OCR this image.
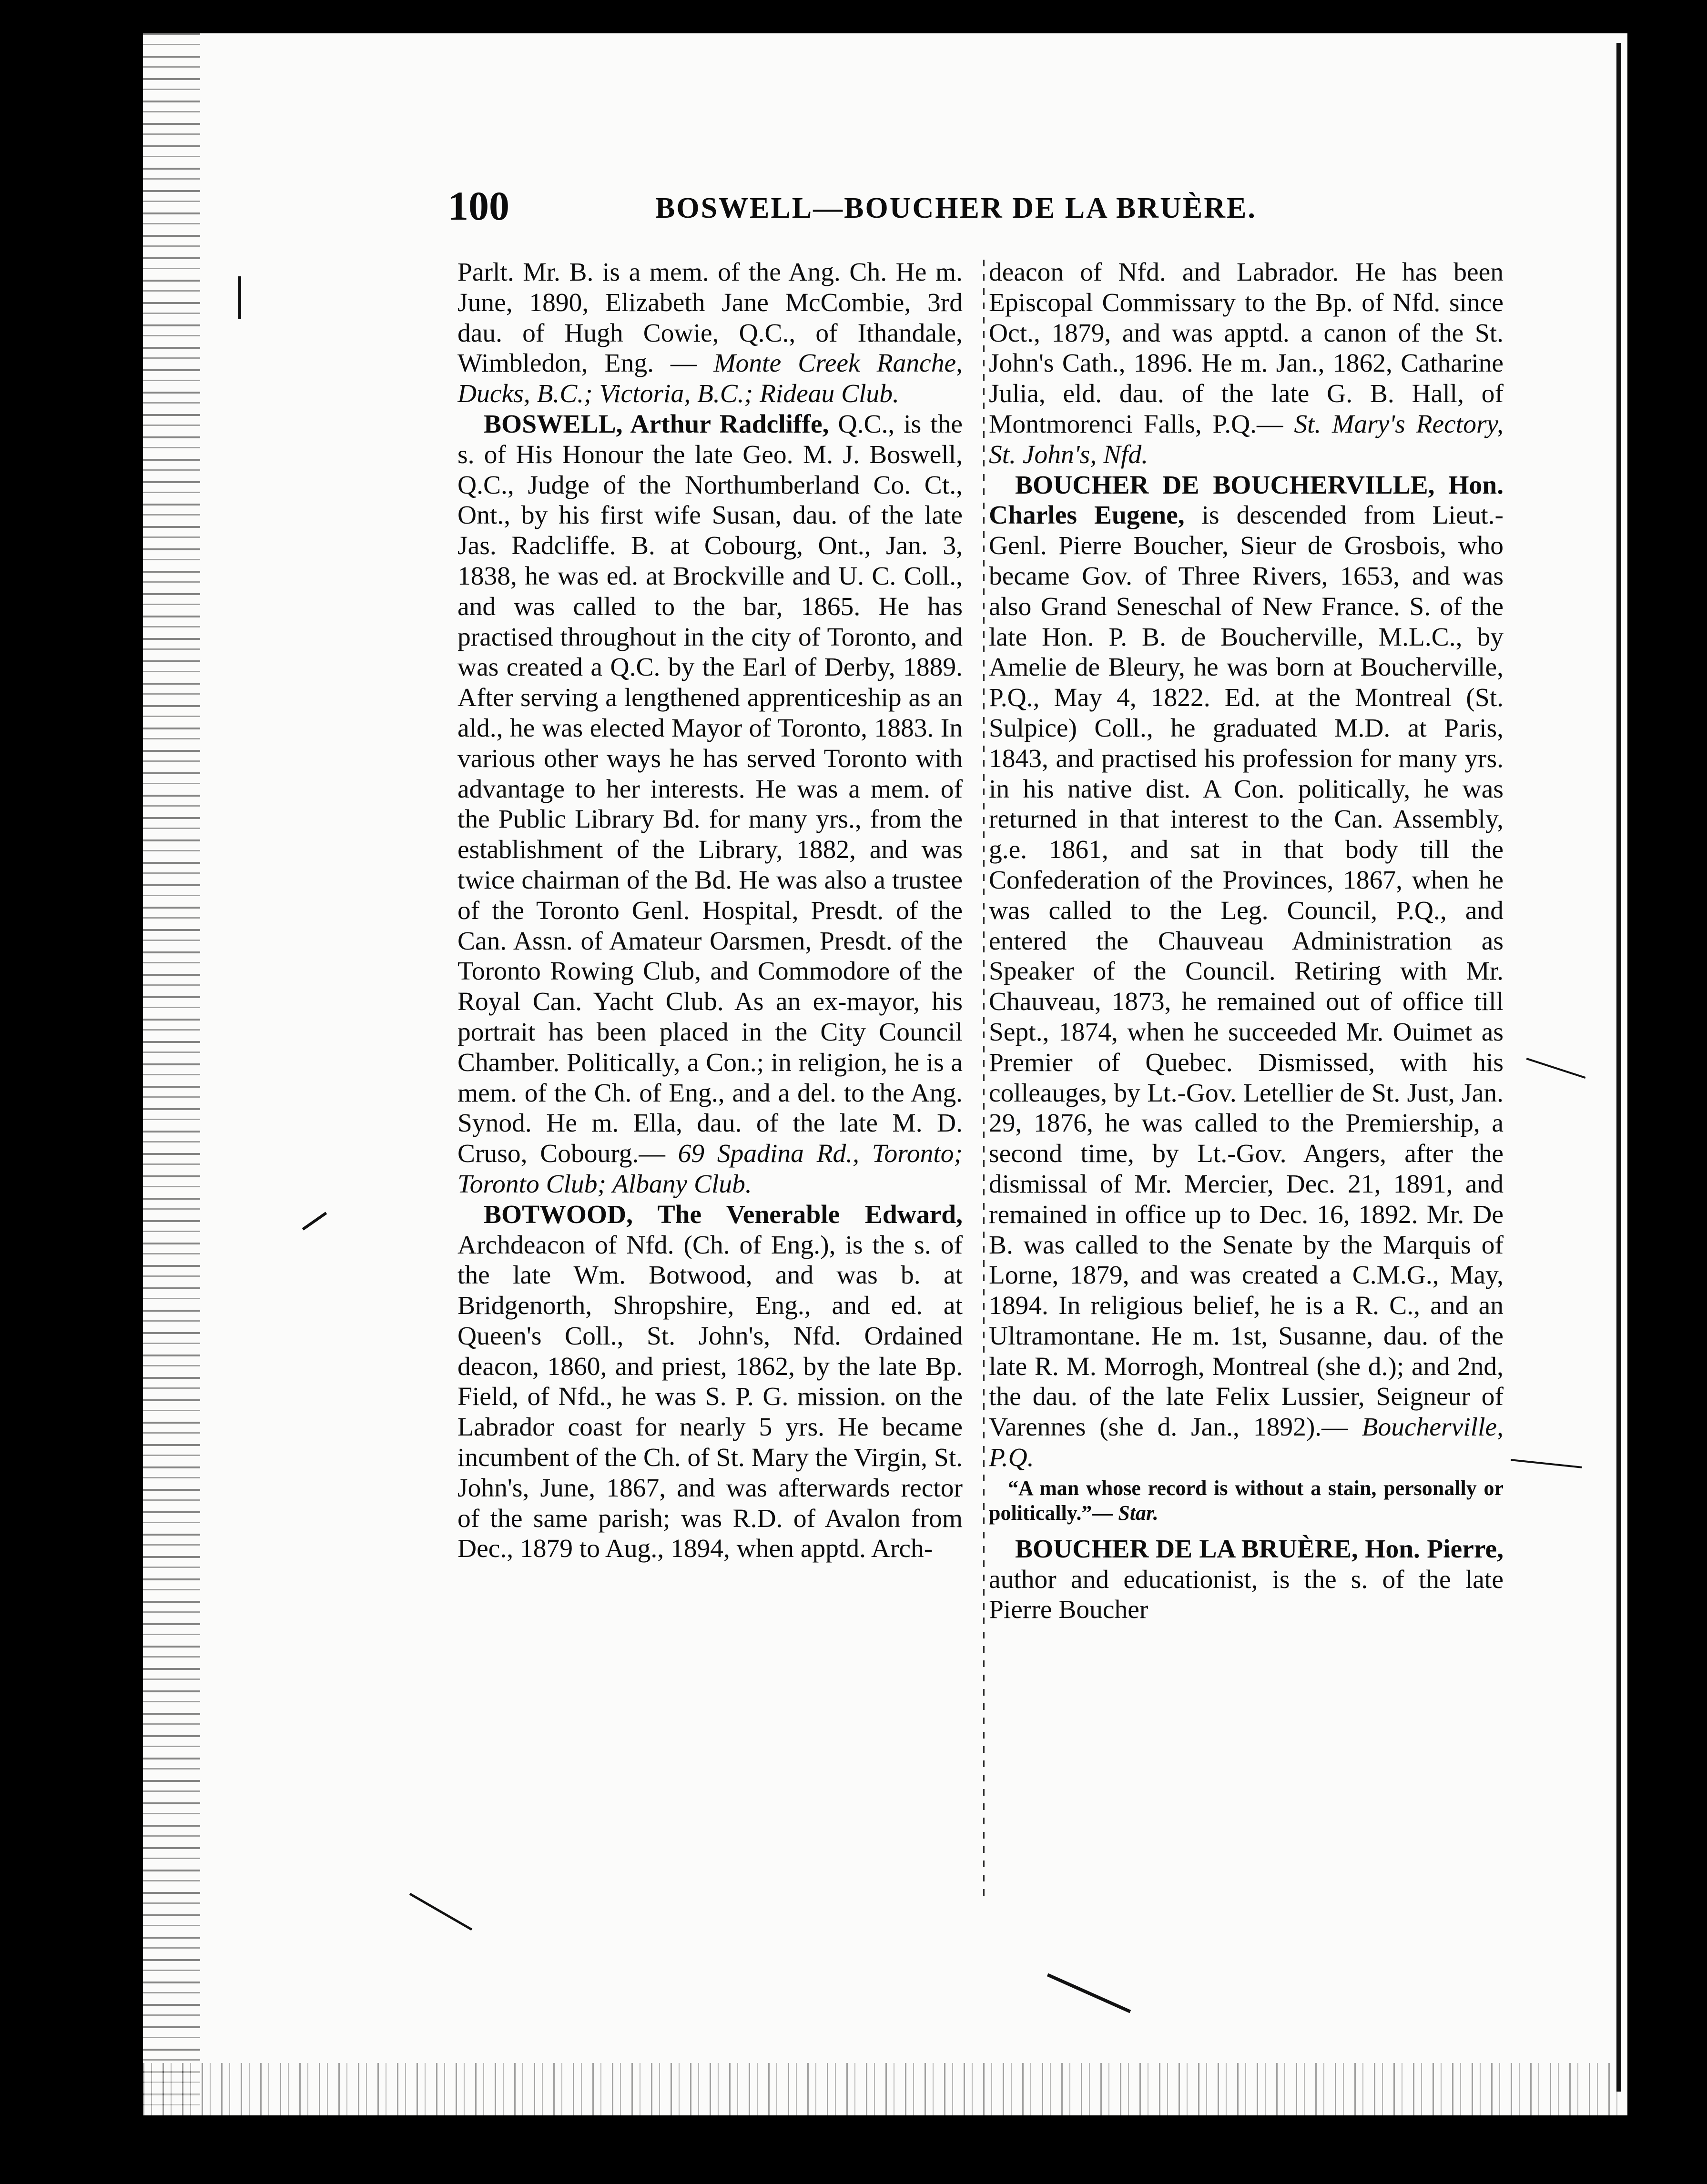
100	BOSWELL—BOUCHER DE LA BRUÈRE.

Parlt. Mr. B. is a mem. of the Ang. Ch. He m. June, 1890, Elizabeth Jane McCombie, 3rd dau. of Hugh Cowie, Q.C., of Ithandale, Wimbledon, Eng. — Monte Creek Ranche, Ducks, B.C.; Victoria, B.C.; Rideau Club.

BOSWELL, Arthur Radcliffe, Q.C., is the s. of His Honour the late Geo. M. J. Boswell, Q.C., Judge of the Northumberland Co. Ct., Ont., by his first wife Susan, dau. of the late Jas. Radcliffe. B. at Cobourg, Ont., Jan. 3, 1838, he was ed. at Brockville and U. C. Coll., and was called to the bar, 1865. He has practised throughout in the city of Toronto, and was created a Q.C. by the Earl of Derby, 1889. After serving a lengthened apprenticeship as an ald., he was elected Mayor of Toronto, 1883. In various other ways he has served Toronto with advantage to her interests. He was a mem. of the Public Library Bd. for many yrs., from the establishment of the Library, 1882, and was twice chairman of the Bd. He was also a trustee of the Toronto Genl. Hospital, Presdt. of the Can. Assn. of Amateur Oarsmen, Presdt. of the Toronto Rowing Club, and Commodore of the Royal Can. Yacht Club. As an ex-mayor, his portrait has been placed in the City Council Chamber. Politically, a Con.; in religion, he is a mem. of the Ch. of Eng., and a del. to the Ang. Synod. He m. Ella, dau. of the late M. D. Cruso, Cobourg.— 69 Spadina Rd., Toronto; Toronto Club; Albany Club.

BOTWOOD, The Venerable Edward, Archdeacon of Nfd. (Ch. of Eng.), is the s. of the late Wm. Botwood, and was b. at Bridgenorth, Shropshire, Eng., and ed. at Queen's Coll., St. John's, Nfd. Ordained deacon, 1860, and priest, 1862, by the late Bp. Field, of Nfd., he was S. P. G. mission. on the Labrador coast for nearly 5 yrs. He became incumbent of the Ch. of St. Mary the Virgin, St. John's, June, 1867, and was afterwards rector of the same parish; was R.D. of Avalon from Dec., 1879 to Aug., 1894, when apptd. Arch-

deacon of Nfd. and Labrador. He has been Episcopal Commissary to the Bp. of Nfd. since Oct., 1879, and was apptd. a canon of the St. John's Cath., 1896. He m. Jan., 1862, Catharine Julia, eld. dau. of the late G. B. Hall, of Montmorenci Falls, P.Q.— St. Mary's Rectory, St. John's, Nfd.

BOUCHER DE BOUCHERVILLE, Hon. Charles Eugene, is descended from Lieut.-Genl. Pierre Boucher, Sieur de Grosbois, who became Gov. of Three Rivers, 1653, and was also Grand Seneschal of New France. S. of the late Hon. P. B. de Boucherville, M.L.C., by Amelie de Bleury, he was born at Boucherville, P.Q., May 4, 1822. Ed. at the Montreal (St. Sulpice) Coll., he graduated M.D. at Paris, 1843, and practised his profession for many yrs. in his native dist. A Con. politically, he was returned in that interest to the Can. Assembly, g.e. 1861, and sat in that body till the Confederation of the Provinces, 1867, when he was called to the Leg. Council, P.Q., and entered the Chauveau Administration as Speaker of the Council. Retiring with Mr. Chauveau, 1873, he remained out of office till Sept., 1874, when he succeeded Mr. Ouimet as Premier of Quebec. Dismissed, with his colleauges, by Lt.-Gov. Letellier de St. Just, Jan. 29, 1876, he was called to the Premiership, a second time, by Lt.-Gov. Angers, after the dismissal of Mr. Mercier, Dec. 21, 1891, and remained in office up to Dec. 16, 1892. Mr. De B. was called to the Senate by the Marquis of Lorne, 1879, and was created a C.M.G., May, 1894. In religious belief, he is a R. C., and an Ultramontane. He m. 1st, Susanne, dau. of the late R. M. Morrogh, Montreal (she d.); and 2nd, the dau. of the late Felix Lussier, Seigneur of Varennes (she d. Jan., 1892).— Boucherville, P.Q.

“A man whose record is without a stain, personally or politically.”— Star.

BOUCHER DE LA BRUÈRE, Hon. Pierre, author and educationist, is the s. of the late Pierre Boucher
